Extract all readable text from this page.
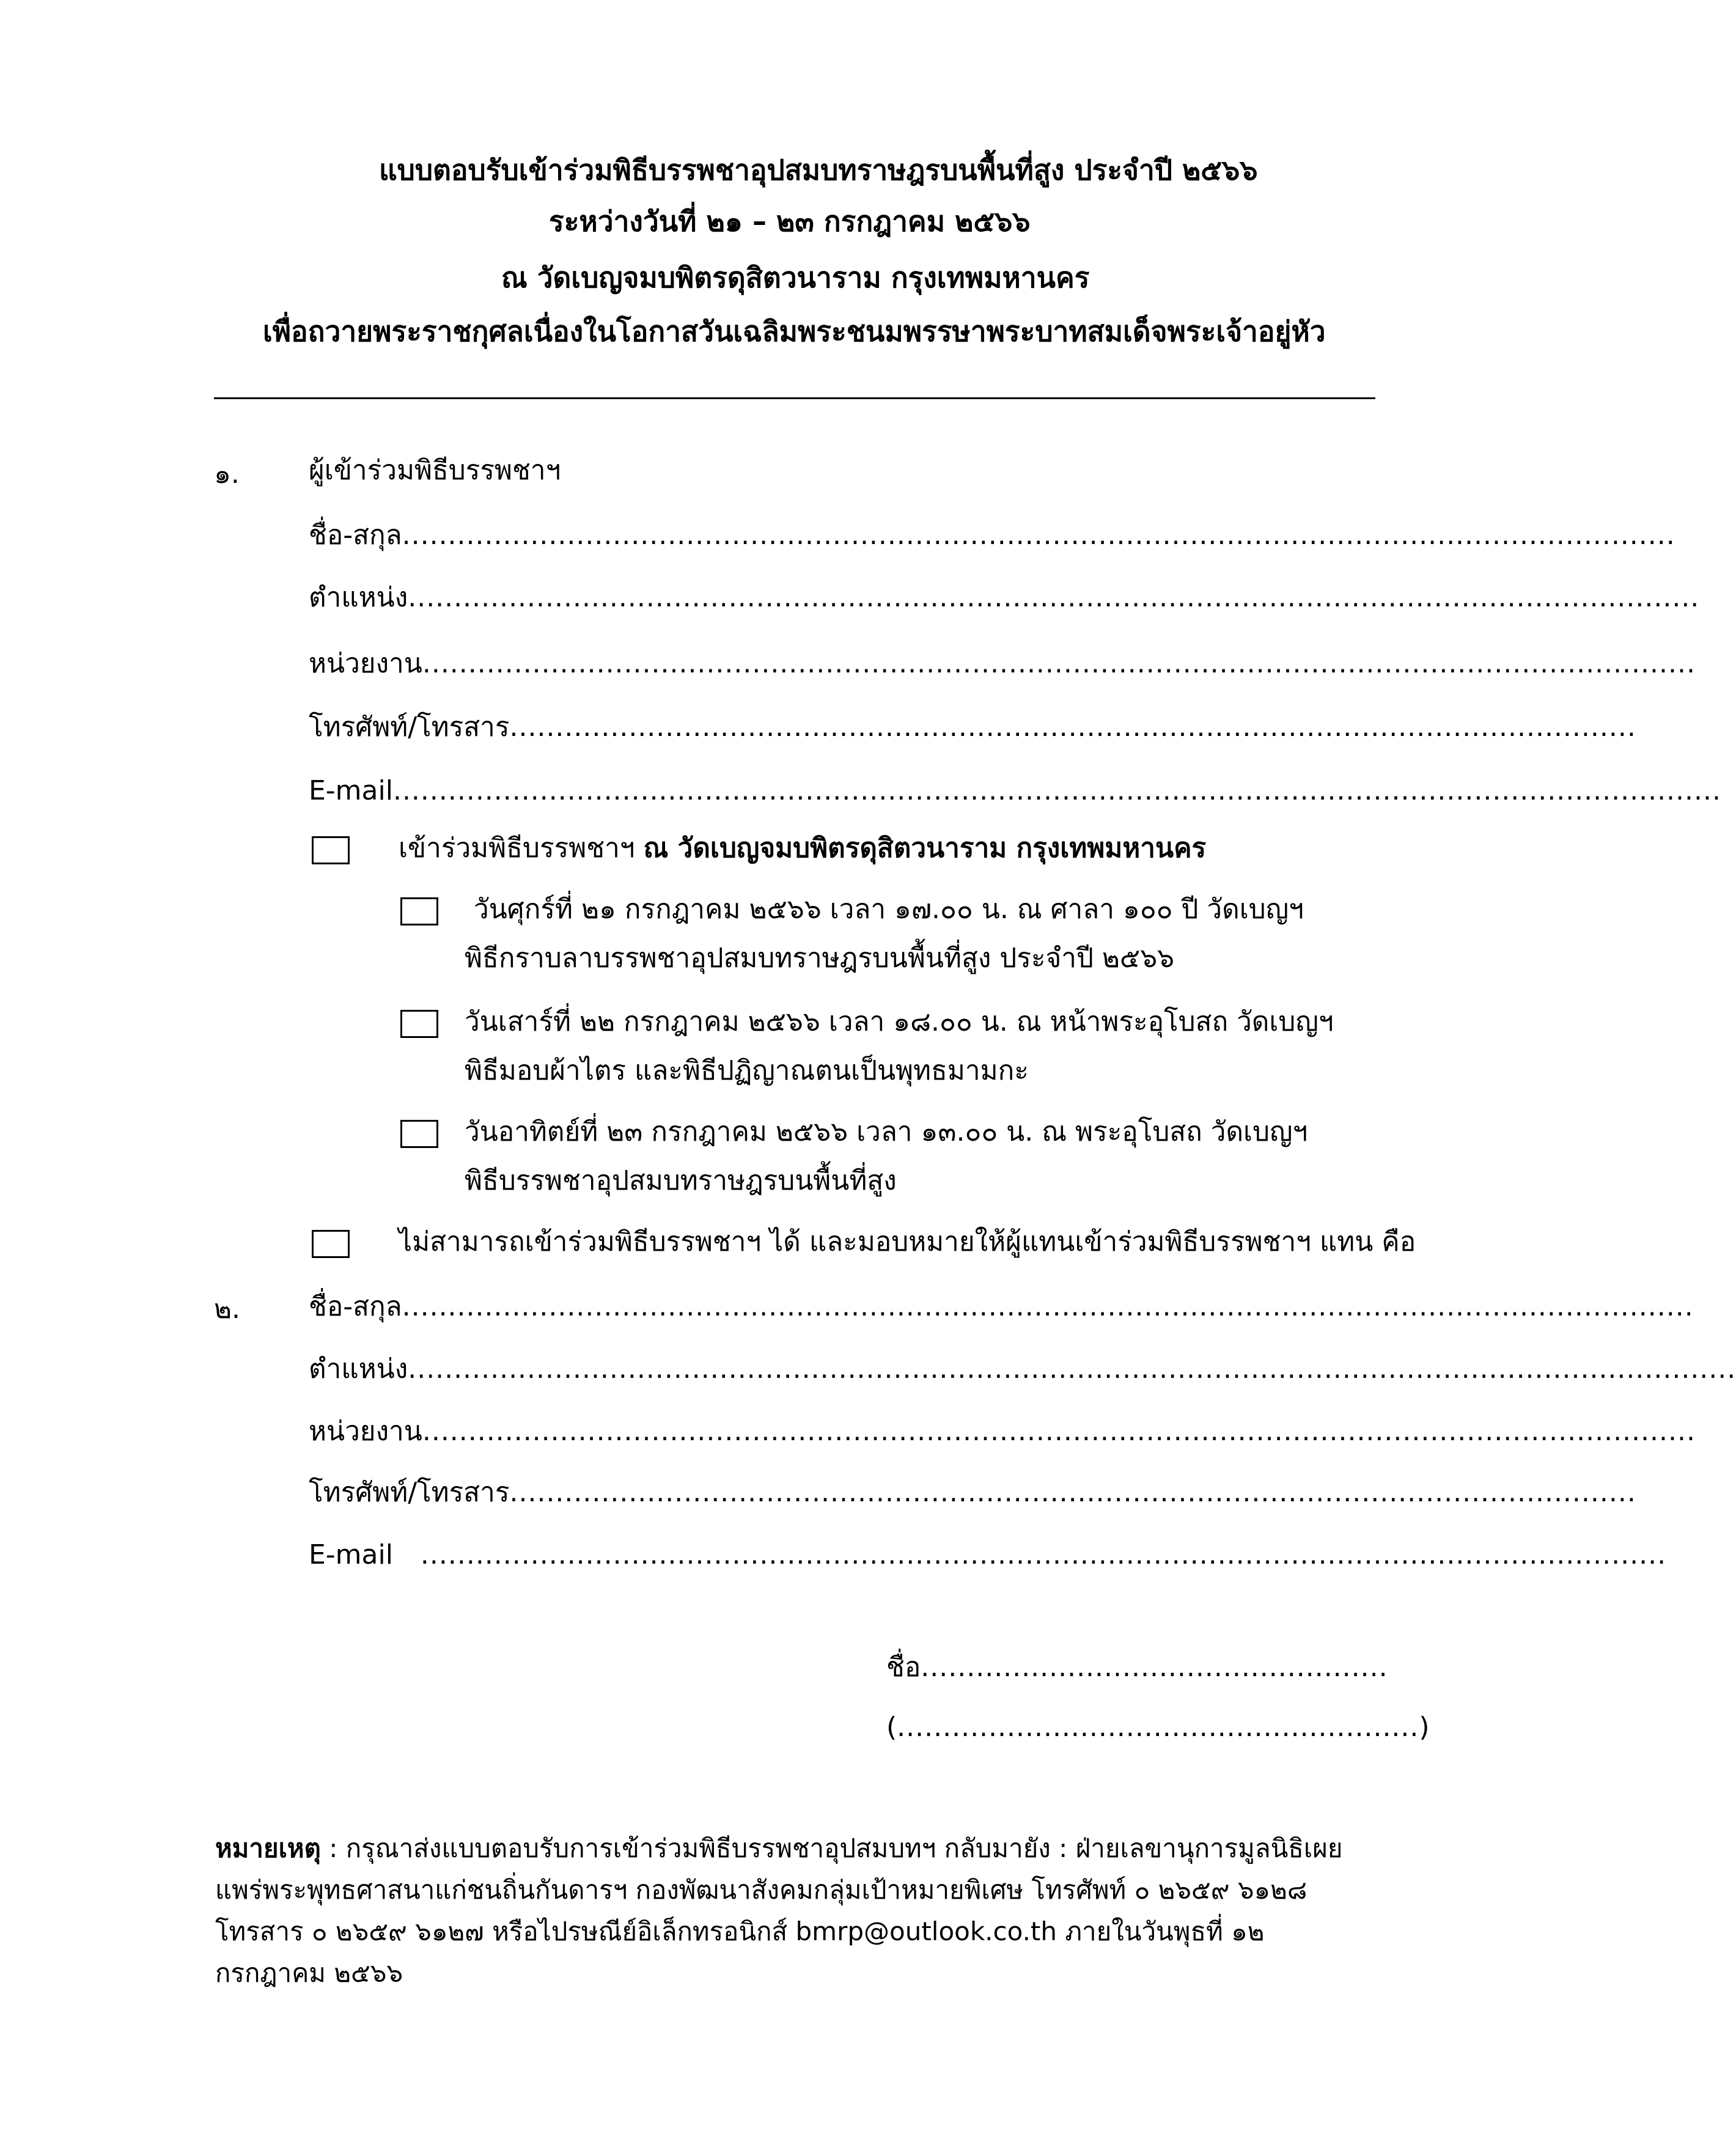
แบบตอบรับเข้าร่วมพิธีบรรพชาอุปสมบทราษฎรบนพื้นที่สูง ประจำปี ๒๕๖๖
ระหว่างวันที่ ๒๑ – ๒๓ กรกฎาคม ๒๕๖๖
ณ วัดเบญจมบพิตรดุสิตวนาราม กรุงเทพมหานคร
เพื่อถวายพระราชกุศลเนื่องในโอกาสวันเฉลิมพระชนมพรรษาพระบาทสมเด็จพระเจ้าอยู่หัว
๑.	ผู้เข้าร่วมพิธีบรรพชาฯ
ชื่อ-สกุล...........................................................................................................................................
ตำแหน่ง.............................................................................................................................................
หน่วยงาน...........................................................................................................................................
โทรศัพท์/โทรสาร...........................................................................................................................
E-mail.................................................................................................................................................
เข้าร่วมพิธีบรรพชาฯ ณ วัดเบญจมบพิตรดุสิตวนาราม กรุงเทพมหานคร
วันศุกร์ที่ ๒๑ กรกฎาคม ๒๕๖๖ เวลา ๑๗.๐๐ น. ณ ศาลา ๑๐๐ ปี วัดเบญฯ
พิธีกราบลาบรรพชาอุปสมบทราษฎรบนพื้นที่สูง ประจำปี ๒๕๖๖
วันเสาร์ที่ ๒๒ กรกฎาคม ๒๕๖๖ เวลา ๑๘.๐๐ น. ณ หน้าพระอุโบสถ วัดเบญฯ
พิธีมอบผ้าไตร และพิธีปฏิญาณตนเป็นพุทธมามกะ
วันอาทิตย์ที่ ๒๓ กรกฎาคม ๒๕๖๖ เวลา ๑๓.๐๐ น. ณ พระอุโบสถ วัดเบญฯ
พิธีบรรพชาอุปสมบทราษฎรบนพื้นที่สูง
ไม่สามารถเข้าร่วมพิธีบรรพชาฯ ได้ และมอบหมายให้ผู้แทนเข้าร่วมพิธีบรรพชาฯ แทน คือ
๒.	ชื่อ-สกุล.............................................................................................................................................
ตำแหน่ง.................................................................................................................................................
หน่วยงาน...........................................................................................................................................
โทรศัพท์/โทรสาร...........................................................................................................................
E-mail   ........................................................................................................................................
ชื่อ...................................................
(.........................................................)
หมายเหตุ : กรุณาส่งแบบตอบรับการเข้าร่วมพิธีบรรพชาอุปสมบทฯ กลับมายัง : ฝ่ายเลขานุการมูลนิธิเผยแพร่พระพุทธศาสนาแก่ชนถิ่นกันดารฯ กองพัฒนาสังคมกลุ่มเป้าหมายพิเศษ โทรศัพท์ ๐ ๒๖๕๙ ๖๑๒๘ โทรสาร ๐ ๒๖๕๙ ๖๑๒๗ หรือไปรษณีย์อิเล็กทรอนิกส์ bmrp@outlook.co.th ภายในวันพุธที่ ๑๒ กรกฎาคม ๒๕๖๖
